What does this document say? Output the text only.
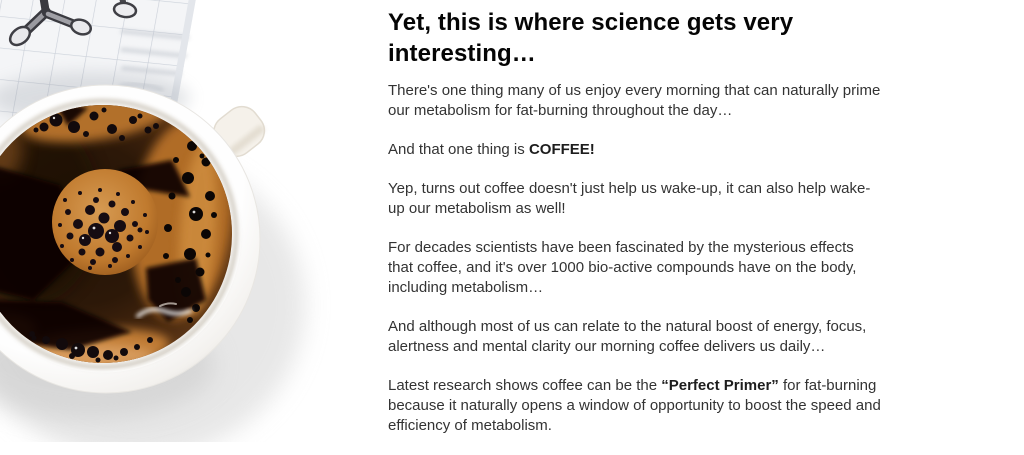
Yet, this is where science gets very interesting…

There's one thing many of us enjoy every morning that can naturally prime our metabolism for fat-burning throughout the day…

And that one thing is COFFEE!

Yep, turns out coffee doesn't just help us wake-up, it can also help wake-up our metabolism as well!

For decades scientists have been fascinated by the mysterious effects that coffee, and it's over 1000 bio-active compounds have on the body, including metabolism…

And although most of us can relate to the natural boost of energy, focus, alertness and mental clarity our morning coffee delivers us daily…

Latest research shows coffee can be the “Perfect Primer” for fat-burning because it naturally opens a window of opportunity to boost the speed and efficiency of metabolism.
